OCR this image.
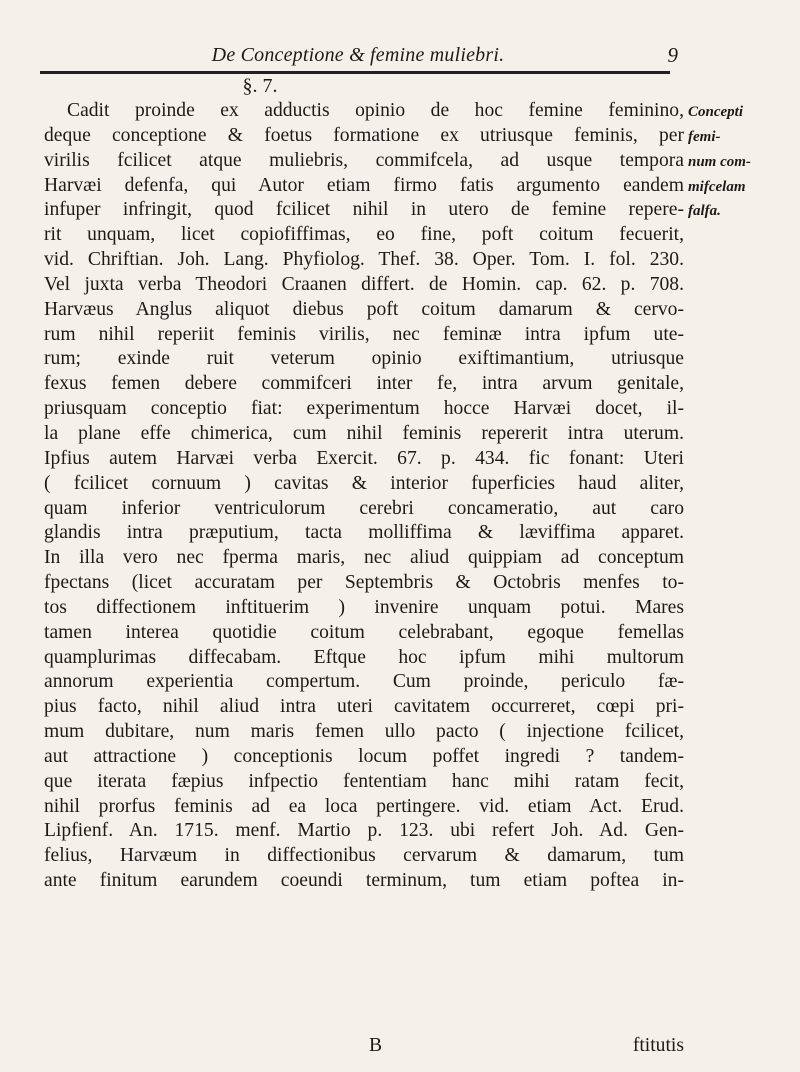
De Conceptione & femine muliebri.	9
§. 7.
Cadit proinde ex adductis opinio de hoc femine feminino,
deque conceptione & foetus formatione ex utriusque feminis, per
virilis fcilicet atque muliebris, commifcela, ad usque tempora
Harvæi defenfa, qui Autor etiam firmo fatis argumento eandem
infuper infringit, quod fcilicet nihil in utero de femine repere-
rit unquam, licet copiofiffimas, eo fine, poft coitum fecuerit,
vid. Chriftian. Joh. Lang. Phyfiolog. Thef. 38. Oper. Tom. I. fol. 230.
Vel juxta verba Theodori Craanen differt. de Homin. cap. 62. p. 708.
Harvæus Anglus aliquot diebus poft coitum damarum & cervo-
rum nihil reperiit feminis virilis, nec feminæ intra ipfum ute-
rum; exinde ruit veterum opinio exiftimantium, utriusque
fexus femen debere commifceri inter fe, intra arvum genitale,
priusquam conceptio fiat: experimentum hocce Harvæi docet, il-
la plane effe chimerica, cum nihil feminis repererit intra uterum.
Ipfius autem Harvæi verba Exercit. 67. p. 434. fic fonant: Uteri
( fcilicet cornuum ) cavitas & interior fuperficies haud aliter,
quam inferior ventriculorum cerebri concameratio, aut caro
glandis intra præputium, tacta molliffima & læviffima apparet.
In illa vero nec fperma maris, nec aliud quippiam ad conceptum
fpectans (licet accuratam per Septembris & Octobris menfes to-
tos diffectionem inftituerim ) invenire unquam potui. Mares
tamen interea quotidie coitum celebrabant, egoque femellas
quamplurimas diffecabam. Eftque hoc ipfum mihi multorum
annorum experientia compertum. Cum proinde, periculo fæ-
pius facto, nihil aliud intra uteri cavitatem occurreret, cœpi pri-
mum dubitare, num maris femen ullo pacto ( injectione fcilicet,
aut attractione ) conceptionis locum poffet ingredi ? tandem-
que iterata fæpius infpectio fententiam hanc mihi ratam fecit,
nihil prorfus feminis ad ea loca pertingere. vid. etiam Act. Erud.
Lipfienf. An. 1715. menf. Martio p. 123. ubi refert Joh. Ad. Gen-
felius, Harvæum in diffectionibus cervarum & damarum, tum
ante finitum earundem coeundi terminum, tum etiam poftea in-
Concepti
femi-
num com-
mifcelam
falfa.
B	ftitutis
